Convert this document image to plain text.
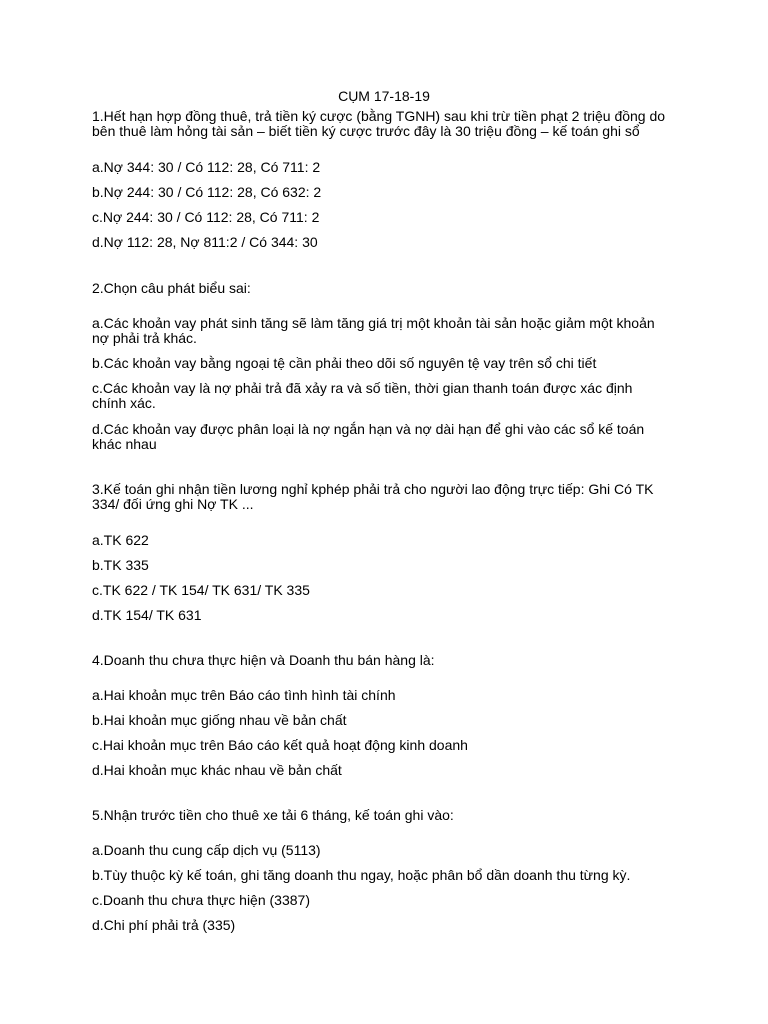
CỤM 17-18-19
1.Hết hạn hợp đồng thuê, trả tiền ký cược (bằng TGNH) sau khi trừ tiền phạt 2 triệu đồng do
bên thuê làm hỏng tài sản – biết tiền ký cược trước đây là 30 triệu đồng – kế toán ghi sổ
a.Nợ 344: 30 / Có 112: 28, Có 711: 2
b.Nợ 244: 30 / Có 112: 28, Có 632: 2
c.Nợ 244: 30 / Có 112: 28, Có 711: 2
d.Nợ 112: 28, Nợ 811:2 / Có 344: 30
2.Chọn câu phát biểu sai:
a.Các khoản vay phát sinh tăng sẽ làm tăng giá trị một khoản tài sản hoặc giảm một khoản
nợ phải trả khác.
b.Các khoản vay bằng ngoại tệ cần phải theo dõi số nguyên tệ vay trên sổ chi tiết
c.Các khoản vay là nợ phải trả đã xảy ra và số tiền, thời gian thanh toán được xác định
chính xác.
d.Các khoản vay được phân loại là nợ ngắn hạn và nợ dài hạn để ghi vào các sổ kế toán
khác nhau
3.Kế toán ghi nhận tiền lương nghỉ kphép phải trả cho người lao động trực tiếp: Ghi Có TK
334/ đối ứng ghi Nợ TK ...
a.TK 622
b.TK 335
c.TK 622 / TK 154/ TK 631/ TK 335
d.TK 154/ TK 631
4.Doanh thu chưa thực hiện và Doanh thu bán hàng là:
a.Hai khoản mục trên Báo cáo tình hình tài chính
b.Hai khoản mục giống nhau về bản chất
c.Hai khoản mục trên Báo cáo kết quả hoạt động kinh doanh
d.Hai khoản mục khác nhau về bản chất
5.Nhận trước tiền cho thuê xe tải 6 tháng, kế toán ghi vào:
a.Doanh thu cung cấp dịch vụ (5113)
b.Tùy thuộc kỳ kế toán, ghi tăng doanh thu ngay, hoặc phân bổ dần doanh thu từng kỳ.
c.Doanh thu chưa thực hiện (3387)
d.Chi phí phải trả (335)
